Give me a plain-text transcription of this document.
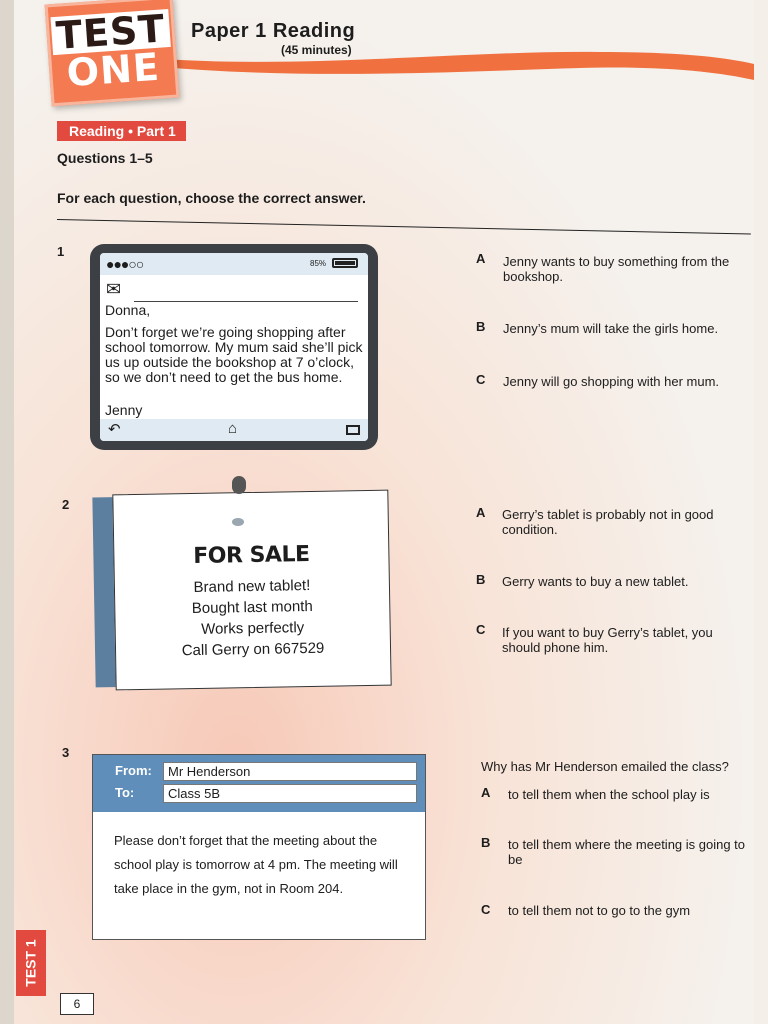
TEST
ONE
Paper 1 Reading
(45 minutes)
Reading • Part 1
Questions 1–5
For each question, choose the correct answer.
1
●●●○○	85%
✉
Donna,
Don’t forget we’re going shopping after school tomorrow. My mum said she’ll pick us up outside the bookshop at 7 o’clock, so we don’t need to get the bus home.
Jenny
↶	⌂
A Jenny wants to buy something from the bookshop.
B Jenny’s mum will take the girls home.
C Jenny will go shopping with her mum.
2
FOR SALE
Brand new tablet!
Bought last month
Works perfectly
Call Gerry on 667529
A Gerry’s tablet is probably not in good condition.
B Gerry wants to buy a new tablet.
C If you want to buy Gerry’s tablet, you should phone him.
3
From:	Mr Henderson
To:	Class 5B
Please don’t forget that the meeting about the school play is tomorrow at 4 pm. The meeting will take place in the gym, not in Room 204.
Why has Mr Henderson emailed the class?
A to tell them when the school play is
B to tell them where the meeting is going to be
C to tell them not to go to the gym
TEST 1
6
